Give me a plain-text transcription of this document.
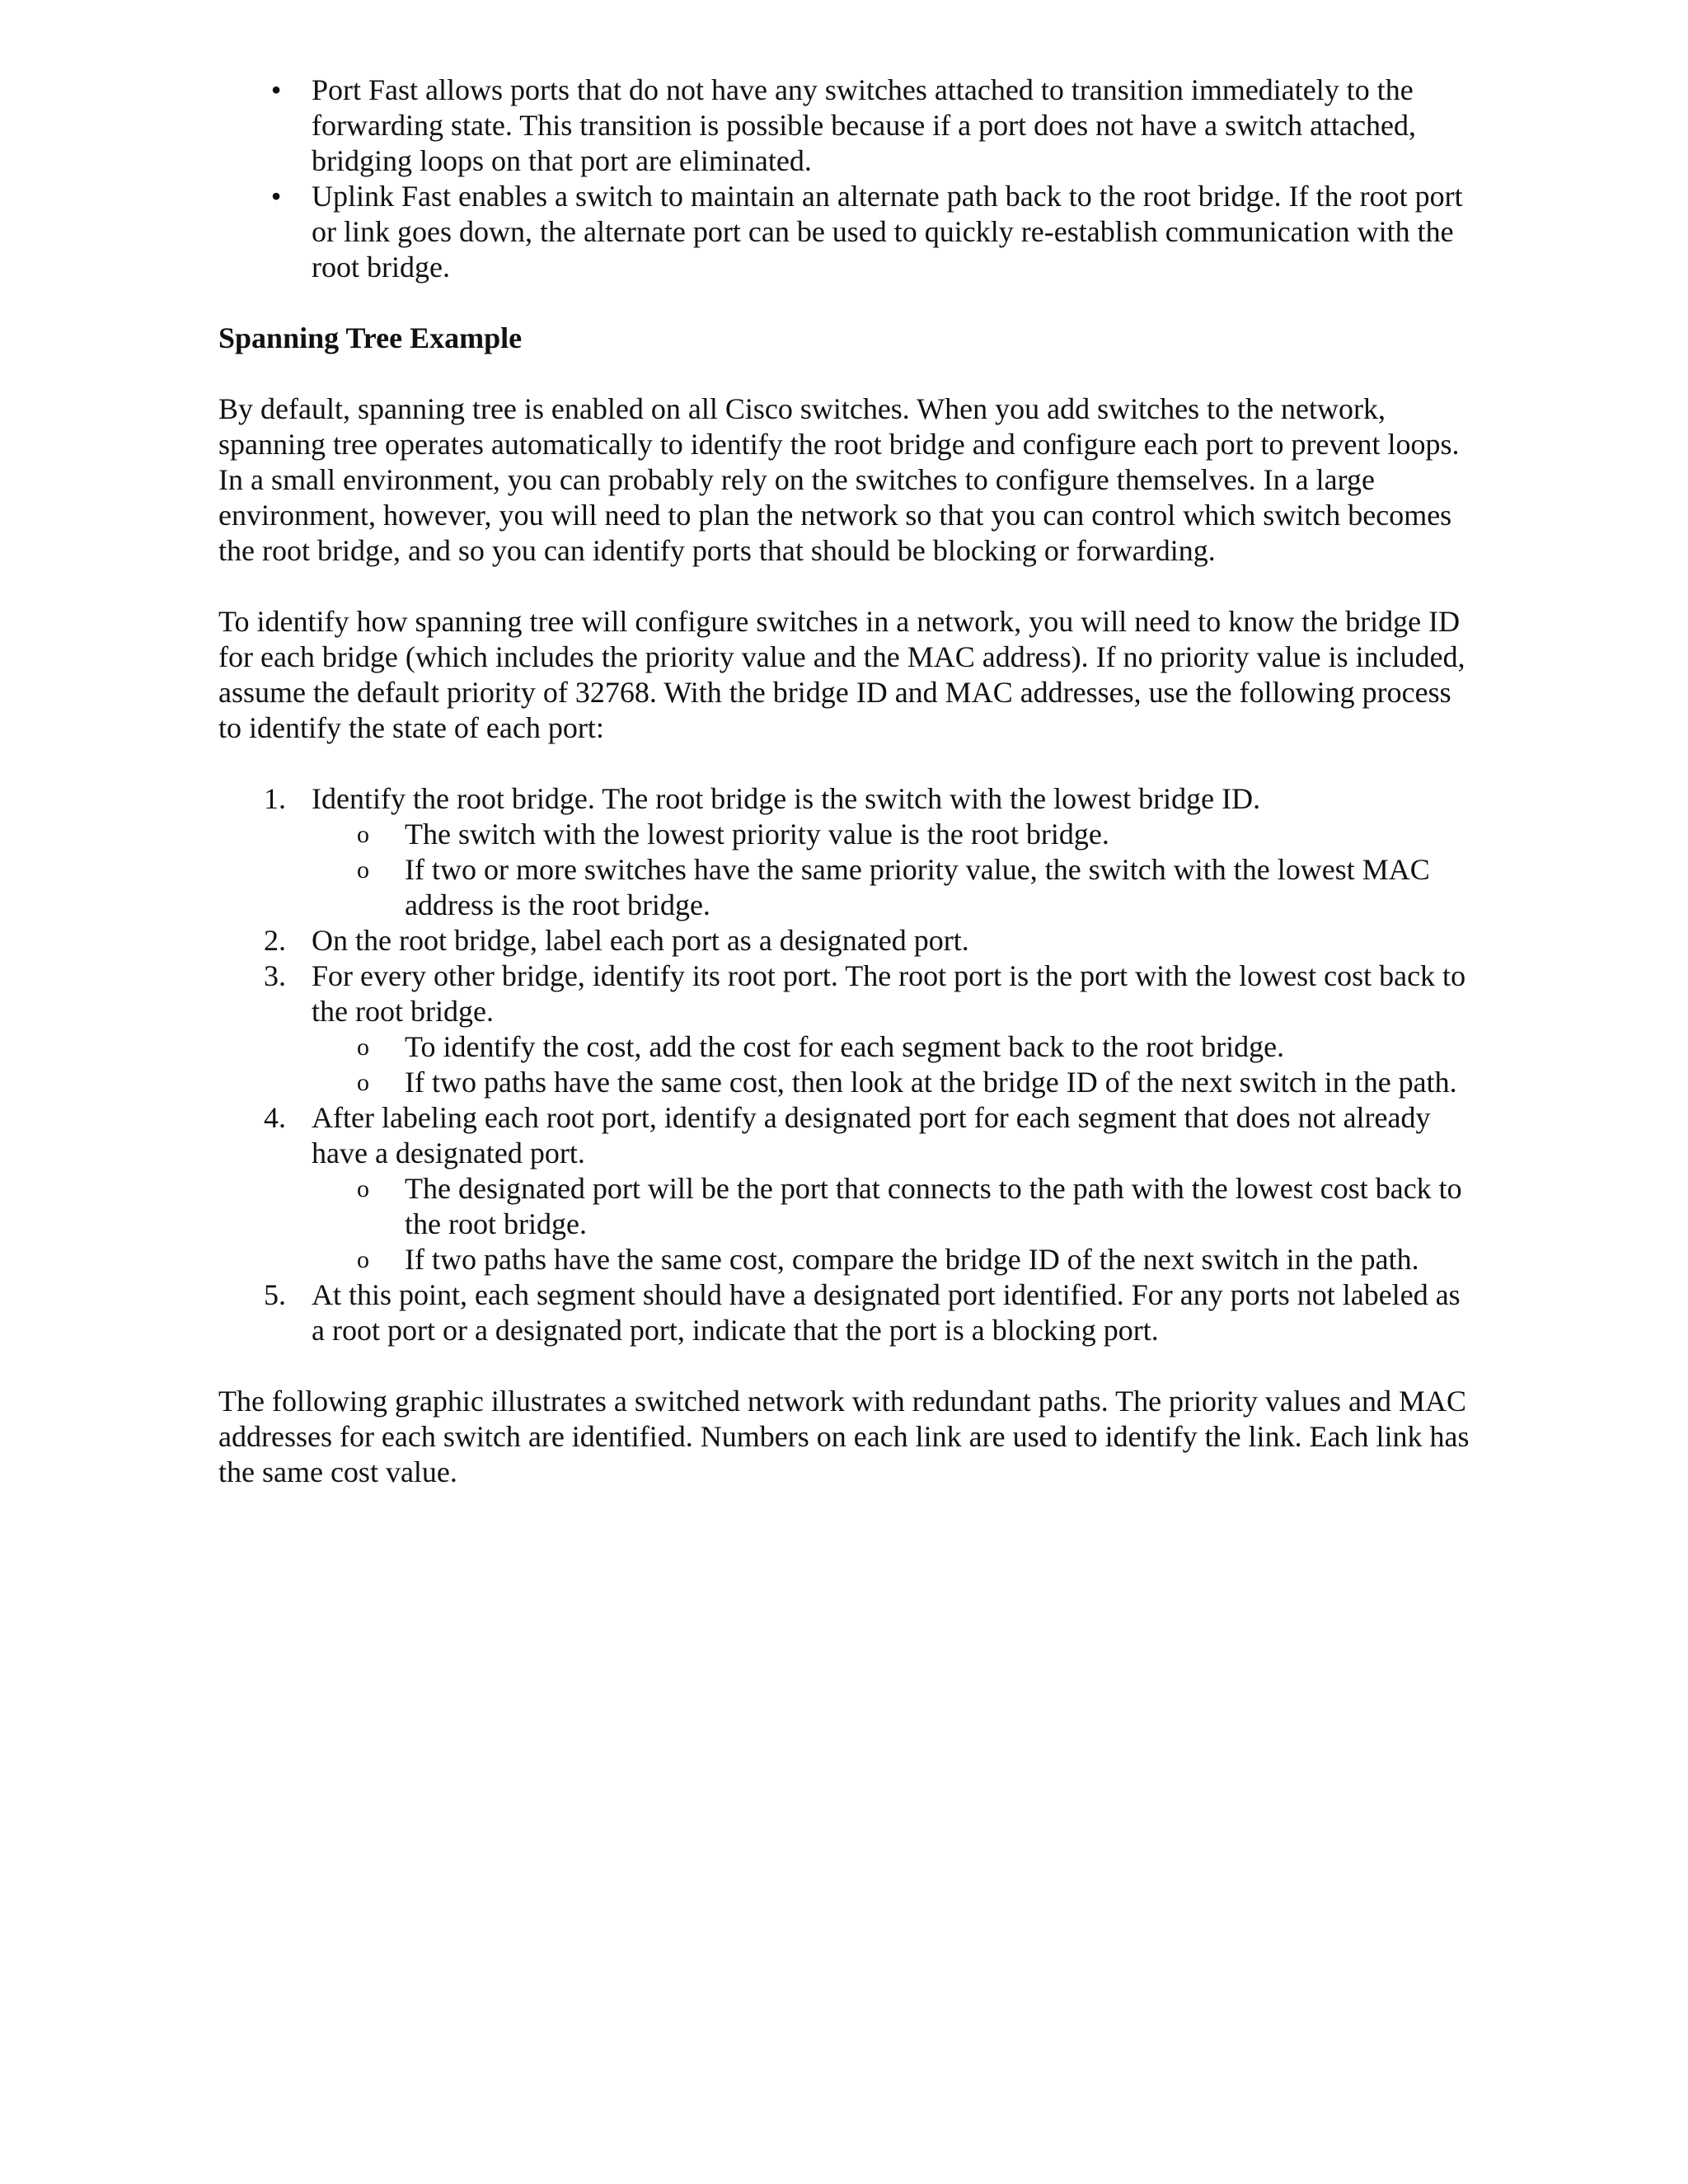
• Port Fast allows ports that do not have any switches attached to transition immediately to the forwarding state. This transition is possible because if a port does not have a switch attached, bridging loops on that port are eliminated.
• Uplink Fast enables a switch to maintain an alternate path back to the root bridge. If the root port or link goes down, the alternate port can be used to quickly re-establish communication with the root bridge.
Spanning Tree Example

By default, spanning tree is enabled on all Cisco switches. When you add switches to the network, spanning tree operates automatically to identify the root bridge and configure each port to prevent loops. In a small environment, you can probably rely on the switches to configure themselves. In a large environment, however, you will need to plan the network so that you can control which switch becomes the root bridge, and so you can identify ports that should be blocking or forwarding.

To identify how spanning tree will configure switches in a network, you will need to know the bridge ID for each bridge (which includes the priority value and the MAC address). If no priority value is included, assume the default priority of 32768. With the bridge ID and MAC addresses, use the following process to identify the state of each port:

1. Identify the root bridge. The root bridge is the switch with the lowest bridge ID.
o The switch with the lowest priority value is the root bridge.
o If two or more switches have the same priority value, the switch with the lowest MAC address is the root bridge.
2. On the root bridge, label each port as a designated port.
3. For every other bridge, identify its root port. The root port is the port with the lowest cost back to the root bridge.
o To identify the cost, add the cost for each segment back to the root bridge.
o If two paths have the same cost, then look at the bridge ID of the next switch in the path.
4. After labeling each root port, identify a designated port for each segment that does not already have a designated port.
o The designated port will be the port that connects to the path with the lowest cost back to the root bridge.
o If two paths have the same cost, compare the bridge ID of the next switch in the path.
5. At this point, each segment should have a designated port identified. For any ports not labeled as a root port or a designated port, indicate that the port is a blocking port.

The following graphic illustrates a switched network with redundant paths. The priority values and MAC addresses for each switch are identified. Numbers on each link are used to identify the link. Each link has the same cost value.
